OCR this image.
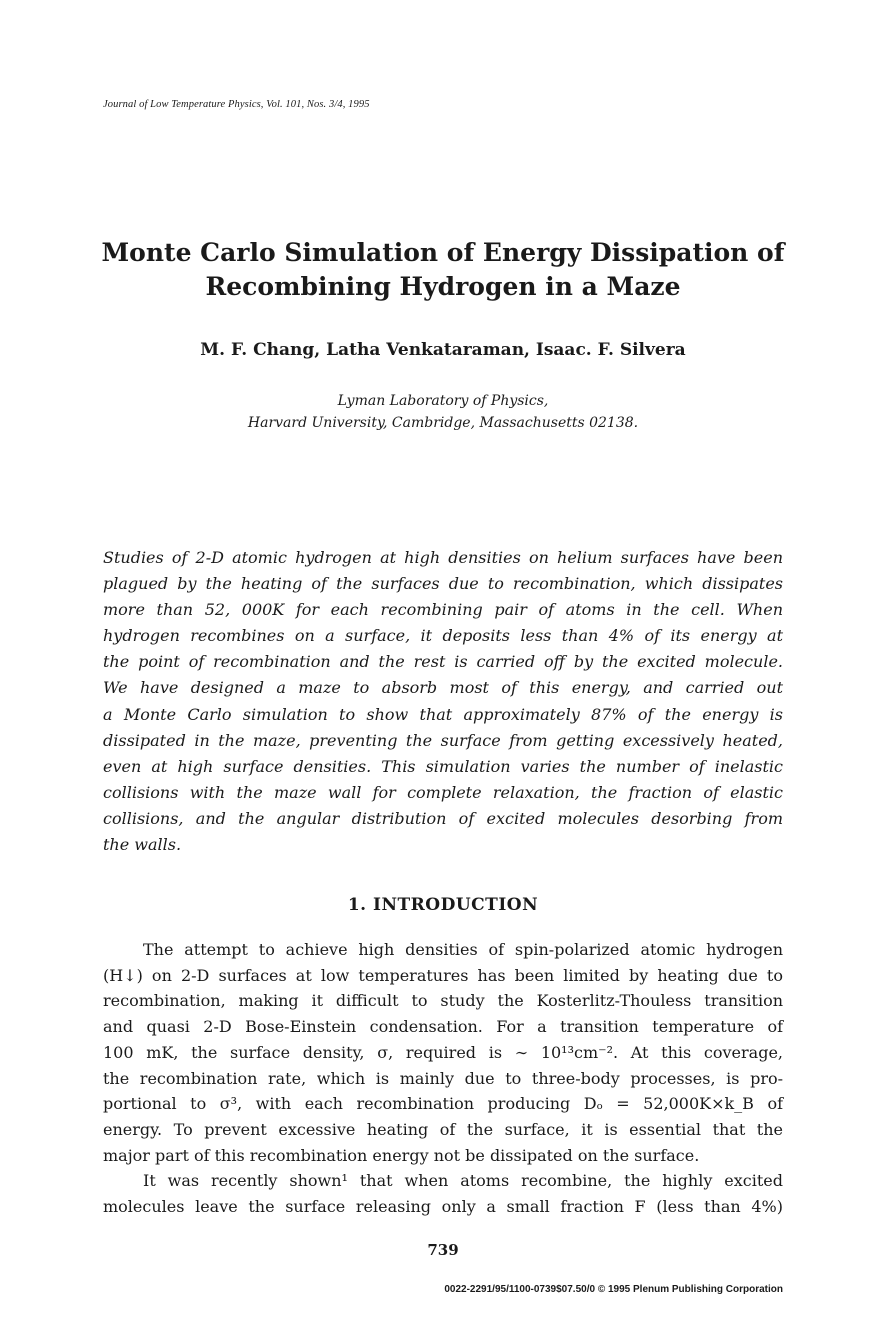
Journal of Low Temperature Physics, Vol. 101, Nos. 3/4, 1995
Monte Carlo Simulation of Energy Dissipation of
Recombining Hydrogen in a Maze
M. F. Chang, Latha Venkataraman, Isaac. F. Silvera
Lyman Laboratory of Physics,
Harvard University, Cambridge, Massachusetts 02138.
Studies of 2-D atomic hydrogen at high densities on helium surfaces have been
plagued by the heating of the surfaces due to recombination, which dissipates
more than 52, 000K for each recombining pair of atoms in the cell. When
hydrogen recombines on a surface, it deposits less than 4% of its energy at
the point of recombination and the rest is carried off by the excited molecule.
We have designed a maze to absorb most of this energy, and carried out
a Monte Carlo simulation to show that approximately 87% of the energy is
dissipated in the maze, preventing the surface from getting excessively heated,
even at high surface densities. This simulation varies the number of inelastic
collisions with the maze wall for complete relaxation, the fraction of elastic
collisions, and the angular distribution of excited molecules desorbing from
the walls.
1. INTRODUCTION
The attempt to achieve high densities of spin-polarized atomic hydrogen
(H↓) on 2-D surfaces at low temperatures has been limited by heating due to
recombination, making it difficult to study the Kosterlitz-Thouless transition
and quasi 2-D Bose-Einstein condensation. For a transition temperature of
100 mK, the surface density, σ, required is ∼ 10¹³cm⁻². At this coverage,
the recombination rate, which is mainly due to three-body processes, is pro-
portional to σ³, with each recombination producing Dₒ = 52,000K×k_B of
energy. To prevent excessive heating of the surface, it is essential that the
major part of this recombination energy not be dissipated on the surface.
It was recently shown¹ that when atoms recombine, the highly excited
molecules leave the surface releasing only a small fraction F (less than 4%)
739
0022-2291/95/1100-0739$07.50/0 © 1995 Plenum Publishing Corporation
